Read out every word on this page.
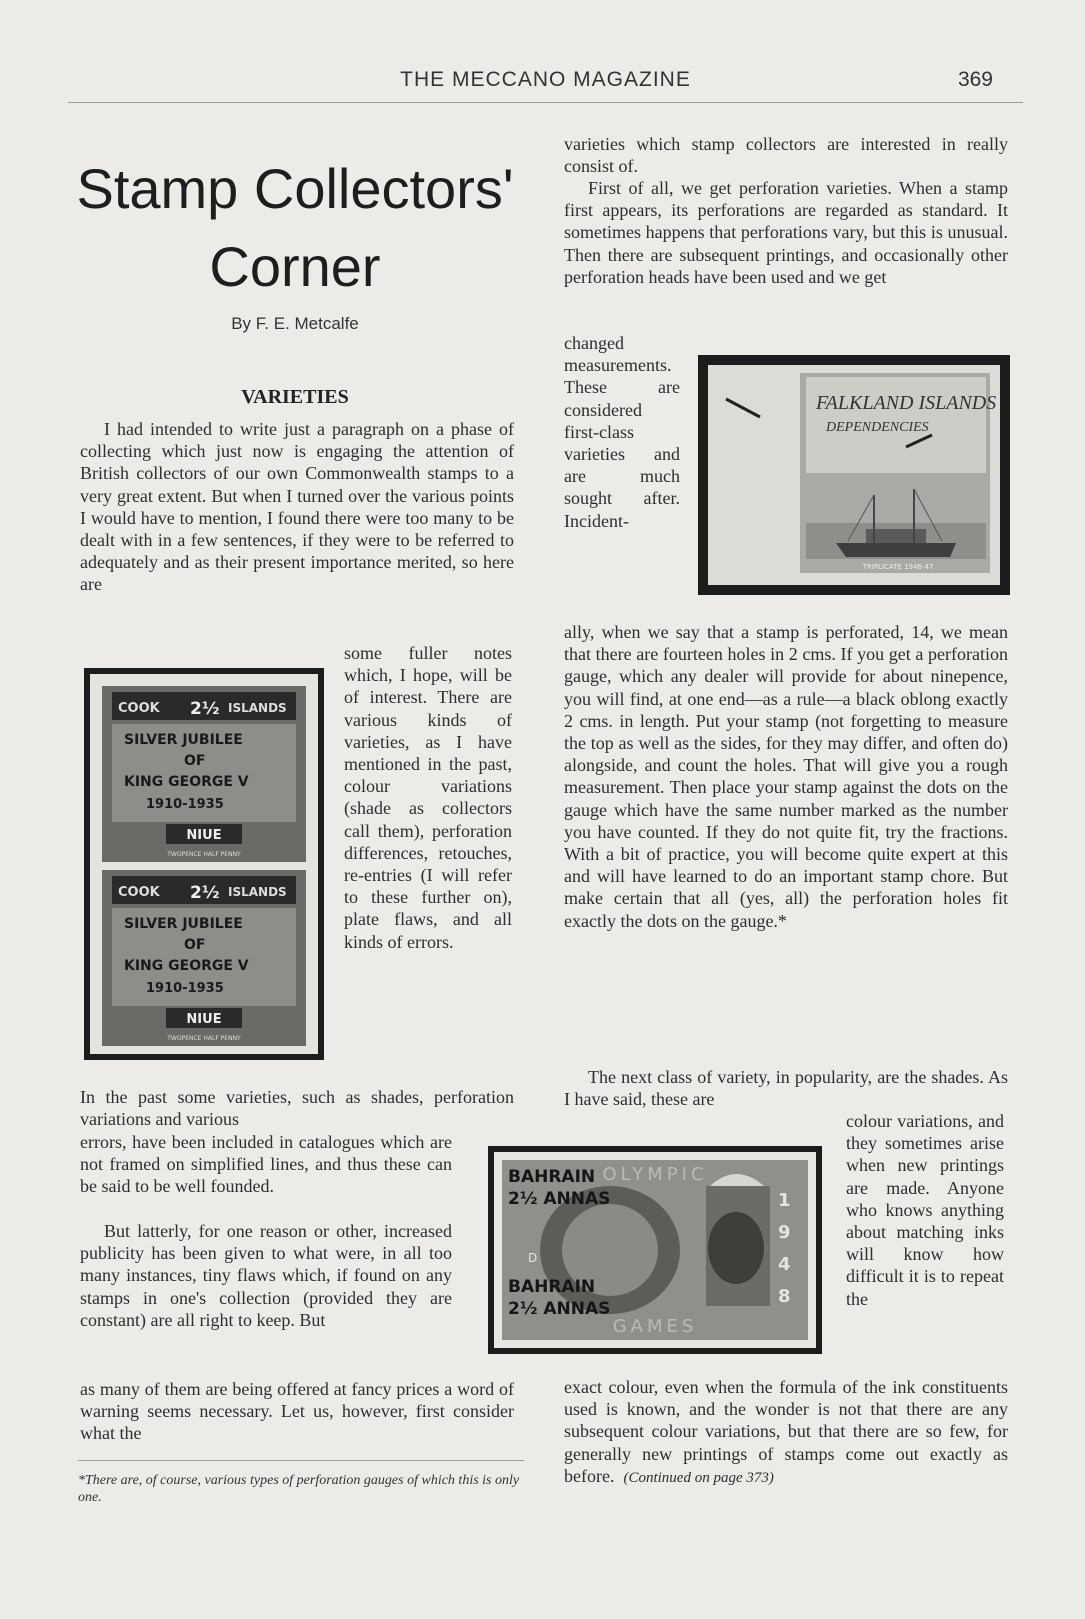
THE MECCANO MAGAZINE	369
Stamp Collectors'
Corner
By F. E. Metcalfe
VARIETIES

I had intended to write just a paragraph on a phase of collecting which just now is engaging the attention of British collectors of our own Commonwealth stamps to a very great extent. But when I turned over the various points I would have to mention, I found there were too many to be dealt with in a few sentences, if they were to be referred to adequately and as their present importance merited, so here are

some fuller notes which, I hope, will be of interest. There are various kinds of varieties, as I have mentioned in the past, colour variations (shade as collectors call them), perforation differences, retouches, re-entries (I will refer to these further on), plate flaws, and all kinds of errors.

In the past some varieties, such as shades, perforation variations and various

errors, have been included in catalogues which are not framed on simplified lines, and thus these can be said to be well founded.

But latterly, for one reason or other, increased publicity has been given to what were, in all too many instances, tiny flaws which, if found on any stamps in one's collection (provided they are constant) are all right to keep. But

as many of them are being offered at fancy prices a word of warning seems necessary. Let us, however, first consider what the

varieties which stamp collectors are interested in really consist of.

First of all, we get perforation varieties. When a stamp first appears, its perforations are regarded as standard. It sometimes happens that perforations vary, but this is unusual. Then there are subsequent printings, and occasionally other perforation heads have been used and we get

changed measurements. These are considered first-class varieties and are much sought after. Incident-

ally, when we say that a stamp is perforated, 14, we mean that there are fourteen holes in 2 cms. If you get a perforation gauge, which any dealer will provide for about ninepence, you will find, at one end—as a rule—a black oblong exactly 2 cms. in length. Put your stamp (not forgetting to measure the top as well as the sides, for they may differ, and often do) alongside, and count the holes. That will give you a rough measurement. Then place your stamp against the dots on the gauge which have the same number marked as the number you have counted. If they do not quite fit, try the fractions. With a bit of practice, you will become quite expert at this and will have learned to do an important stamp chore. But make certain that all (yes, all) the perforation holes fit exactly the dots on the gauge.*

The next class of variety, in popularity, are the shades. As I have said, these are

colour variations, and they sometimes arise when new printings are made. Anyone who knows anything about matching inks will know how difficult it is to repeat the

exact colour, even when the formula of the ink constituents used is known, and the wonder is not that there are any subsequent colour variations, but that there are so few, for generally new printings of stamps come out exactly as before. (Continued on page 373)

*There are, of course, various types of perforation gauges of which this is only one.
FALKLAND ISLANDS
DEPENDENCIES
TRIPLICATE 1946-47
COOK 2½ ISLANDS
SILVER JUBILEE
OF
KING GEORGE V
1910-1935
NIUE
TWOPENCE HALF PENNY
COOK 2½ ISLANDS
SILVER JUBILEE
OF
KING GEORGE V
1910-1935
NIUE
TWOPENCE HALF PENNY
OLYMPIC
GAMES
1
9
4
8
D
BAHRAIN
2½ ANNAS
BAHRAIN
2½ ANNAS
